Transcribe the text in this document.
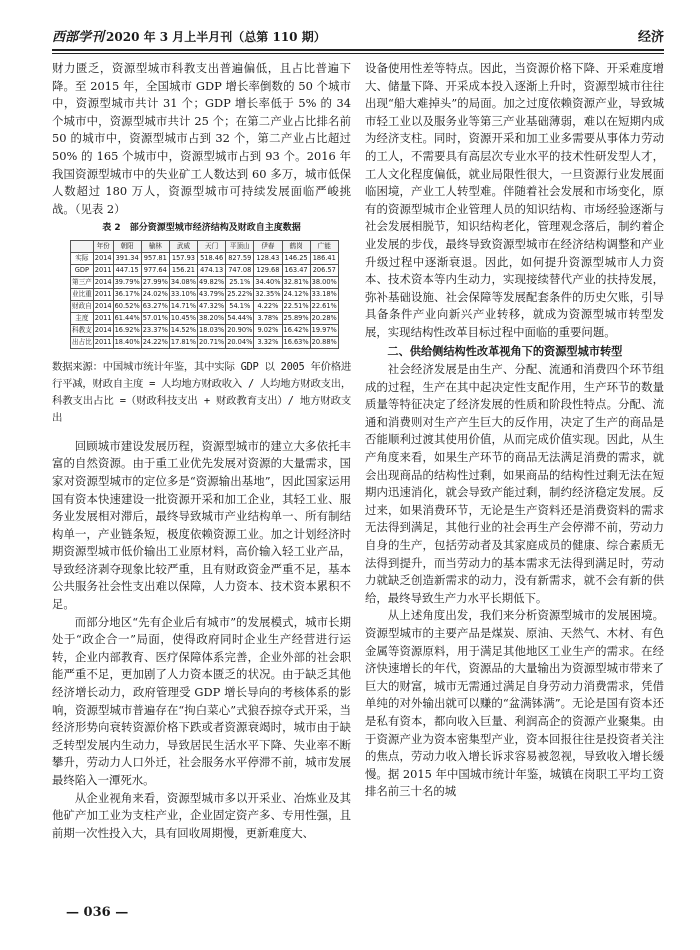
西部学刊 2020 年 3 月上半月刊（总第 110 期）	经济

财力匮乏，资源型城市科教支出普遍偏低，且占比普遍下降。至 2015 年，全国城市 GDP 增长率倒数的 50 个城市中，资源型城市共计 31 个；GDP 增长率低于 5% 的 34 个城市中，资源型城市共计 25 个；在第二产业占比排名前 50 的城市中，资源型城市占到 32 个，第二产业占比超过 50% 的 165 个城市中，资源型城市占到 93 个。2016 年我国资源型城市中的失业矿工人数达到 60 多万，城市低保人数超过 180 万人，资源型城市可持续发展面临严峻挑战。（见表 2）

表 2　部分资源型城市经济结构及财政自主度数据
	年份	朝阳	榆林	武威	天门	平顶山	伊春	鹤岗	广能
实际	2014	391.34	957.81	157.93	518.46	827.59	128.43	146.25	186.41
GDP	2011	447.15	977.64	156.21	474.13	747.08	129.68	163.47	206.57
第三产	2014	39.79%	27.99%	34.08%	49.82%	25.1%	34.40%	32.81%	38.00%
业比重	2011	36.17%	24.02%	33.10%	43.79%	25.22%	32.35%	24.12%	33.18%
财政自	2014	60.52%	63.27%	14.71%	47.32%	54.1%	4.22%	22.51%	22.61%
主度	2011	61.44%	57.01%	10.45%	38.20%	54.44%	3.78%	25.89%	20.28%
科教支	2014	16.92%	23.37%	14.52%	18.03%	20.90%	9.02%	16.42%	19.97%
出占比	2011	18.40%	24.22%	17.81%	20.71%	20.04%	3.32%	16.63%	20.88%

数据来源：中国城市统计年鉴，其中实际 GDP 以 2005 年价格进行平减，财政自主度 = 人均地方财政收入 / 人均地方财政支出，科教支出占比 =（财政科技支出 + 财政教育支出）/ 地方财政支出

回顾城市建设发展历程，资源型城市的建立大多依托丰富的自然资源。由于重工业优先发展对资源的大量需求，国家对资源型城市的定位多是“资源输出基地”，因此国家运用国有资本快速建设一批资源开采和加工企业，其轻工业、服务业发展相对滞后，最终导致城市产业结构单一、所有制结构单一，产业链条短，极度依赖资源工业。加之计划经济时期资源型城市低价输出工业原材料，高价输入轻工业产品，导致经济剥夺现象比较严重，且有财政资金严重不足，基本公共服务社会性支出难以保障，人力资本、技术资本累积不足。

而部分地区“先有企业后有城市”的发展模式，城市长期处于“政企合一”局面，使得政府同时企业生产经营进行运转，企业内部教育、医疗保障体系完善，企业外部的社会职能严重不足，更加剧了人力资本匮乏的状况。由于缺乏其他经济增长动力，政府管理受 GDP 增长导向的考核体系的影响，资源型城市普遍存在“拘白菜心”式狼吞掠夺式开采，当经济形势向衰转资源价格下跌或者资源衰竭时，城市由于缺乏转型发展内生动力，导致居民生活水平下降、失业率不断攀升，劳动力人口外迁，社会服务水平停滞不前，城市发展最终陷入一潭死水。

从企业视角来看，资源型城市多以开采业、冶炼业及其他矿产加工业为支柱产业，企业固定资产多、专用性强，且前期一次性投入大，具有回收周期慢，更新难度大、

设备使用性差等特点。因此，当资源价格下降、开采难度增大、储量下降、开采成本投入逐渐上升时，资源型城市往往出现“船大难掉头”的局面。加之过度依赖资源产业，导致城市轻工业以及服务业等第三产业基础薄弱，难以在短期内成为经济支柱。同时，资源开采和加工业多需要从事体力劳动的工人，不需要具有高层次专业水平的技术性研发型人才，工人文化程度偏低，就业局限性很大，一旦资源行业发展面临困境，产业工人转型难。伴随着社会发展和市场变化，原有的资源型城市企业管理人员的知识结构、市场经验逐渐与社会发展相脱节，知识结构老化，管理观念落后，制约着企业发展的步伐，最终导致资源型城市在经济结构调整和产业升级过程中逐渐衰退。因此，如何提升资源型城市人力资本、技术资本等内生动力，实现接续替代产业的扶持发展，弥补基础设施、社会保障等发展配套条件的历史欠账，引导具备条件产业向新兴产业转移，就成为资源型城市转型发展，实现结构性改革目标过程中面临的重要问题。

二、供给侧结构性改革视角下的资源型城市转型

社会经济发展是由生产、分配、流通和消费四个环节组成的过程，生产在其中起决定性支配作用，生产环节的数量质量等特征决定了经济发展的性质和阶段性特点。分配、流通和消费则对生产产生巨大的反作用，决定了生产的商品是否能顺利过渡其使用价值，从而完成价值实现。因此，从生产角度来看，如果生产环节的商品无法满足消费的需求，就会出现商品的结构性过剩，如果商品的结构性过剩无法在短期内迅速消化，就会导致产能过剩，制约经济稳定发展。反过来，如果消费环节，无论是生产资料还是消费资料的需求无法得到满足，其他行业的社会再生产会停滞不前，劳动力自身的生产，包括劳动者及其家庭成员的健康、综合素质无法得到提升，而当劳动力的基本需求无法得到满足时，劳动力就缺乏创造新需求的动力，没有新需求，就不会有新的供给，最终导致生产力水平长期低下。

从上述角度出发，我们来分析资源型城市的发展困境。资源型城市的主要产品是煤炭、原油、天然气、木材、有色金属等资源原料，用于满足其他地区工业生产的需求。在经济快速增长的年代，资源品的大量输出为资源型城市带来了巨大的财富，城市无需通过满足自身劳动力消费需求，凭借单纯的对外输出就可以赚的“盆满钵满”。无论是国有资本还是私有资本，都向收入巨量、利润高企的资源产业聚集。由于资源产业为资本密集型产业，资本回报往往是投资者关注的焦点，劳动力收入增长诉求容易被忽视，导致收入增长缓慢。据 2015 年中国城市统计年鉴，城镇在岗职工平均工资排名前三十名的城

— 036 —
